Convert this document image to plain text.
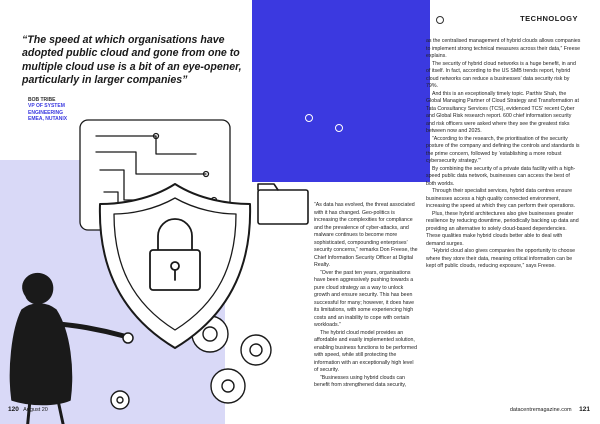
TECHNOLOGY
“The speed at which organisations have adopted public cloud and gone from one to multiple cloud use is a bit of an eye-opener, particularly in larger companies”
BOB TRIBE
VP OF SYSTEM
ENGINEERING
EMEA, NUTANIX

“As data has evolved, the threat associated with it has changed. Geo-politics is increasing the complexities for compliance and the prevalence of cyber-attacks, and malware continues to become more sophisticated, compounding enterprises’ security concerns,” remarks Don Freese, the Chief Information Security Officer at Digital Realty.

“Over the past ten years, organisations have been aggressively pushing towards a pure cloud strategy as a way to unlock growth and ensure security. This has been successful for many; however, it does have its limitations, with some experiencing high costs and an inability to cope with certain workloads.”

The hybrid cloud model provides an affordable and easily implemented solution, enabling business functions to be performed with speed, while still protecting the information with an exceptionally high level of security.

“Businesses using hybrid clouds can benefit from strengthened data security,

as the centralised management of hybrid clouds allows companies to implement strong technical measures across their data,” Freese explains.

The security of hybrid cloud networks is a huge benefit, in and of itself. In fact, according to the US SMB trends report, hybrid cloud networks can reduce a businesses’ data security risk by 79%.

And this is an exceptionally timely topic. Parthiv Shah, the Global Managing Partner of Cloud Strategy and Transformation at Tata Consultancy Services (TCS), evidenced TCS’ recent Cyber and Global Risk research report. 600 chief information security and risk officers were asked where they see the greatest risks between now and 2025.

“According to the research, the prioritisation of the security posture of the company and defining the controls and standards is the prime concern, followed by ‘establishing a more robust cybersecurity strategy.’”

By combining the security of a private data facility with a high-speed public data network, businesses can access the best of both worlds.

Through their specialist services, hybrid data centres ensure businesses access a high quality connected environment, increasing the speed at which they can perform their operations.

Plus, these hybrid architectures also give businesses greater resilience by reducing downtime, periodically backing up data and providing an alternative to solely cloud-based dependencies. These qualities make hybrid clouds better able to deal with demand surges.

“Hybrid cloud also gives companies the opportunity to choose where they store their data, meaning critical information can be kept off public clouds, reducing exposure,” says Freese.

120 August 20	datacentremagazine.com 121
